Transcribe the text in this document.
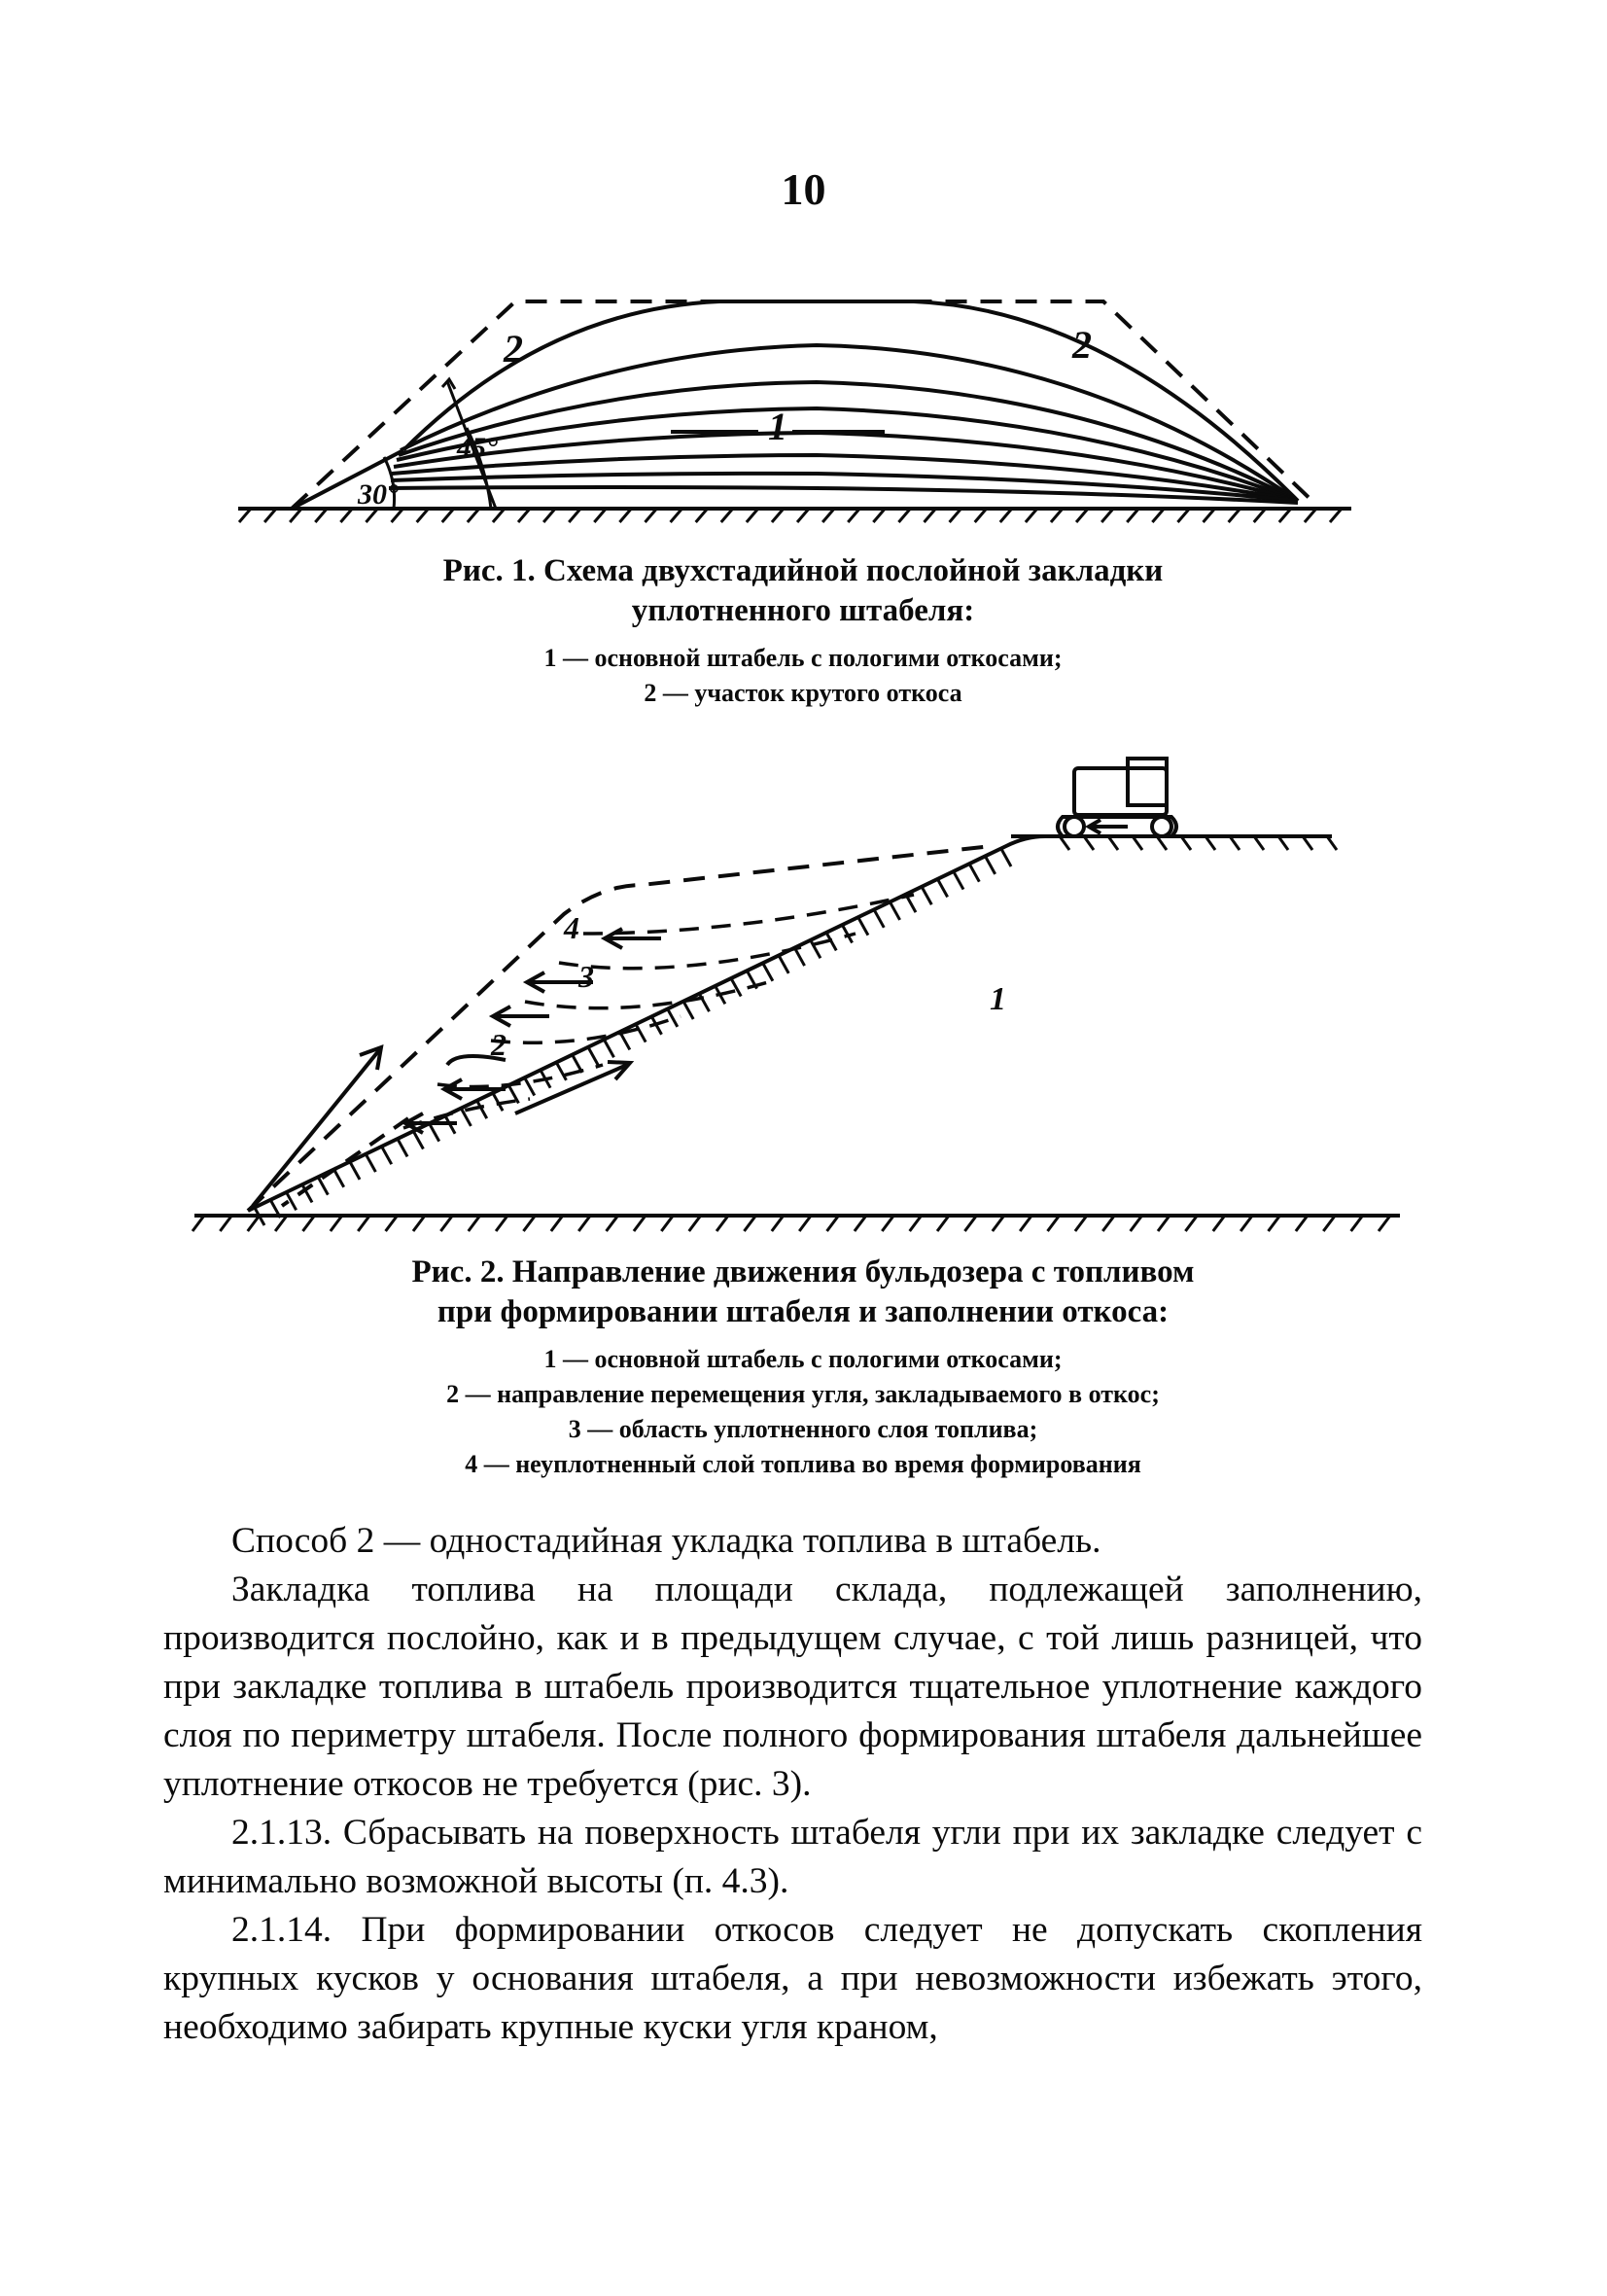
10
30°
45°	1
2	2
Рис. 1. Схема двухстадийной послойной закладки
уплотненного штабеля:
1 — основной штабель с пологими откосами;
2 — участок крутого откоса
1
4
3
2
Рис. 2. Направление движения бульдозера с топливом
при формировании штабеля и заполнении откоса:
1 — основной штабель с пологими откосами;
2 — направление перемещения угля, закладываемого в откос;
3 — область уплотненного слоя топлива;
4 — неуплотненный слой топлива во время формирования

Способ 2 — одностадийная укладка топлива в штабель.

Закладка топлива на площади склада, подлежащей заполнению, производится послойно, как и в предыдущем случае, с той лишь разницей, что при закладке топлива в штабель производится тщательное уплотнение каждого слоя по периметру штабеля. После полного формирования штабеля дальнейшее уплотнение откосов не требуется (рис. 3).

2.1.13. Сбрасывать на поверхность штабеля угли при их закладке следует с минимально возможной высоты (п. 4.3).

2.1.14. При формировании откосов следует не допускать скопления крупных кусков у основания штабеля, а при невозможности избежать этого, необходимо забирать крупные куски угля краном,
